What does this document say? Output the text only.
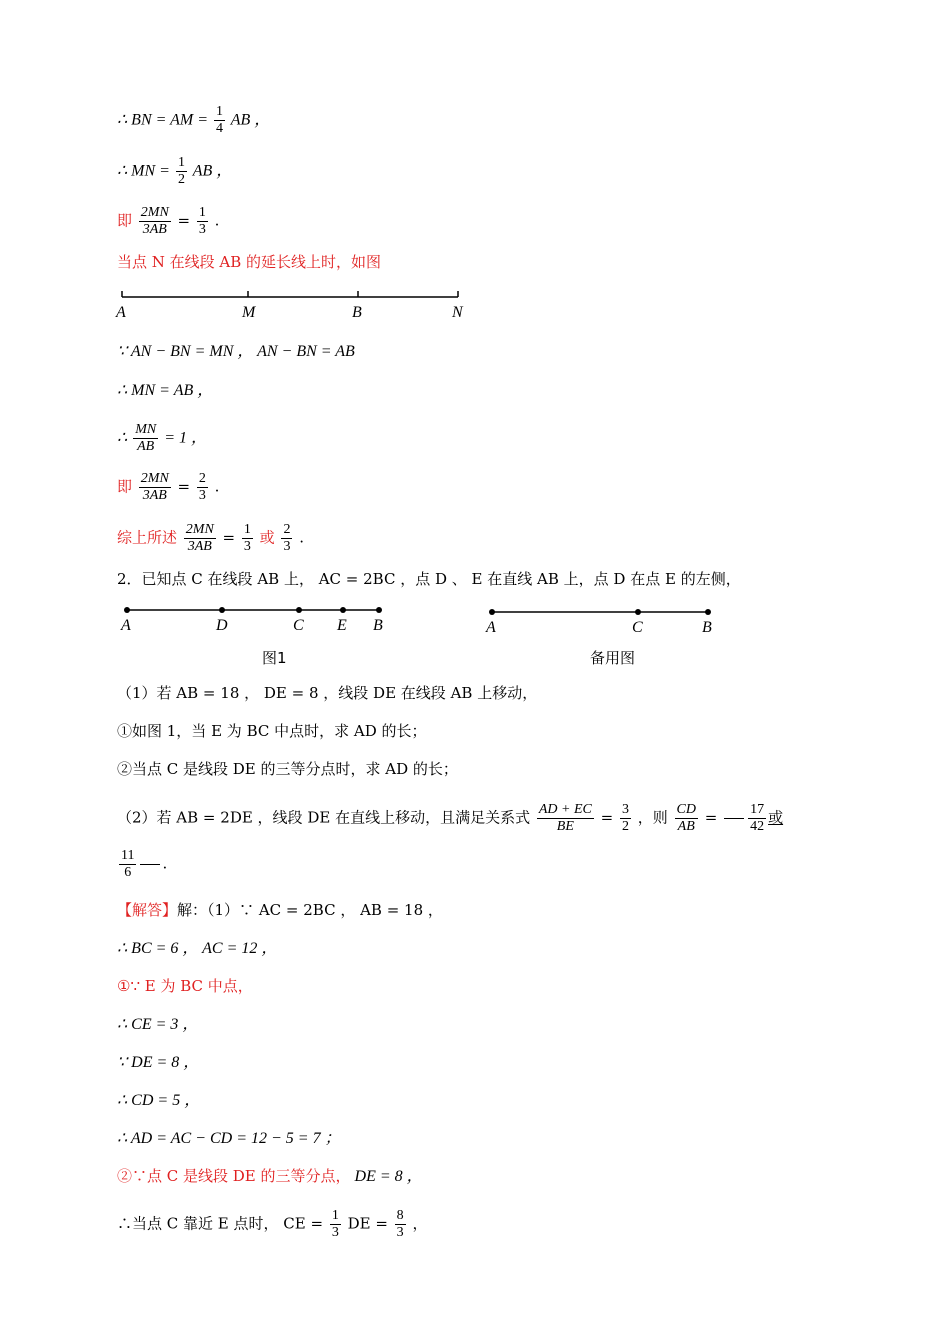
∴ BN = AM = $\frac{1}{4}$ AB ，
∴ MN = $\frac{1}{2}$ AB ，
即 $\frac{2MN}{3AB} = \frac{1}{3}$ .
当点 N 在线段 AB 的延长线上时，如图
A	M	B	N
∵ AN − BN = MN ， AN − BN = AB
∴ MN = AB ，
∴ $\frac{MN}{AB} = 1$ ，
即 $\frac{2MN}{3AB} = \frac{2}{3}$ .
综上所述 $\frac{2MN}{3AB} = \frac{1}{3}$ 或 $\frac{2}{3}$ .
2．已知点 C 在线段 AB 上， AC = 2BC ，点 D 、 E 在直线 AB 上，点 D 在点 E 的左侧，
A	D	C E B
图1
A	C	B
备用图
（1）若 AB = 18 ， DE = 8 ，线段 DE 在线段 AB 上移动，
①如图 1，当 E 为 BC 中点时，求 AD 的长；
②当点 C 是线段 DE 的三等分点时，求 AD 的长；
（2）若 AB = 2DE ，线段 DE 在直线上移动，且满足关系式 $\frac{AD + EC}{BE} = \frac{3}{2}$ ，则 $\frac{CD}{AB} = \frac{17}{42}$ 或
$\frac{11}{6}$ .
【解答】解：（1）∵ AC = 2BC ， AB = 18 ，
∴ BC = 6 ， AC = 12 ，
①∵ E 为 BC 中点，
∴ CE = 3 ，
∵ DE = 8 ，
∴ CD = 5 ，
∴ AD = AC − CD = 12 − 5 = 7 ；
②∵点 C 是线段 DE 的三等分点， DE = 8 ，
∴当点 C 靠近 E 点时， CE = $\frac{1}{3}$ DE = $\frac{8}{3}$ ，
